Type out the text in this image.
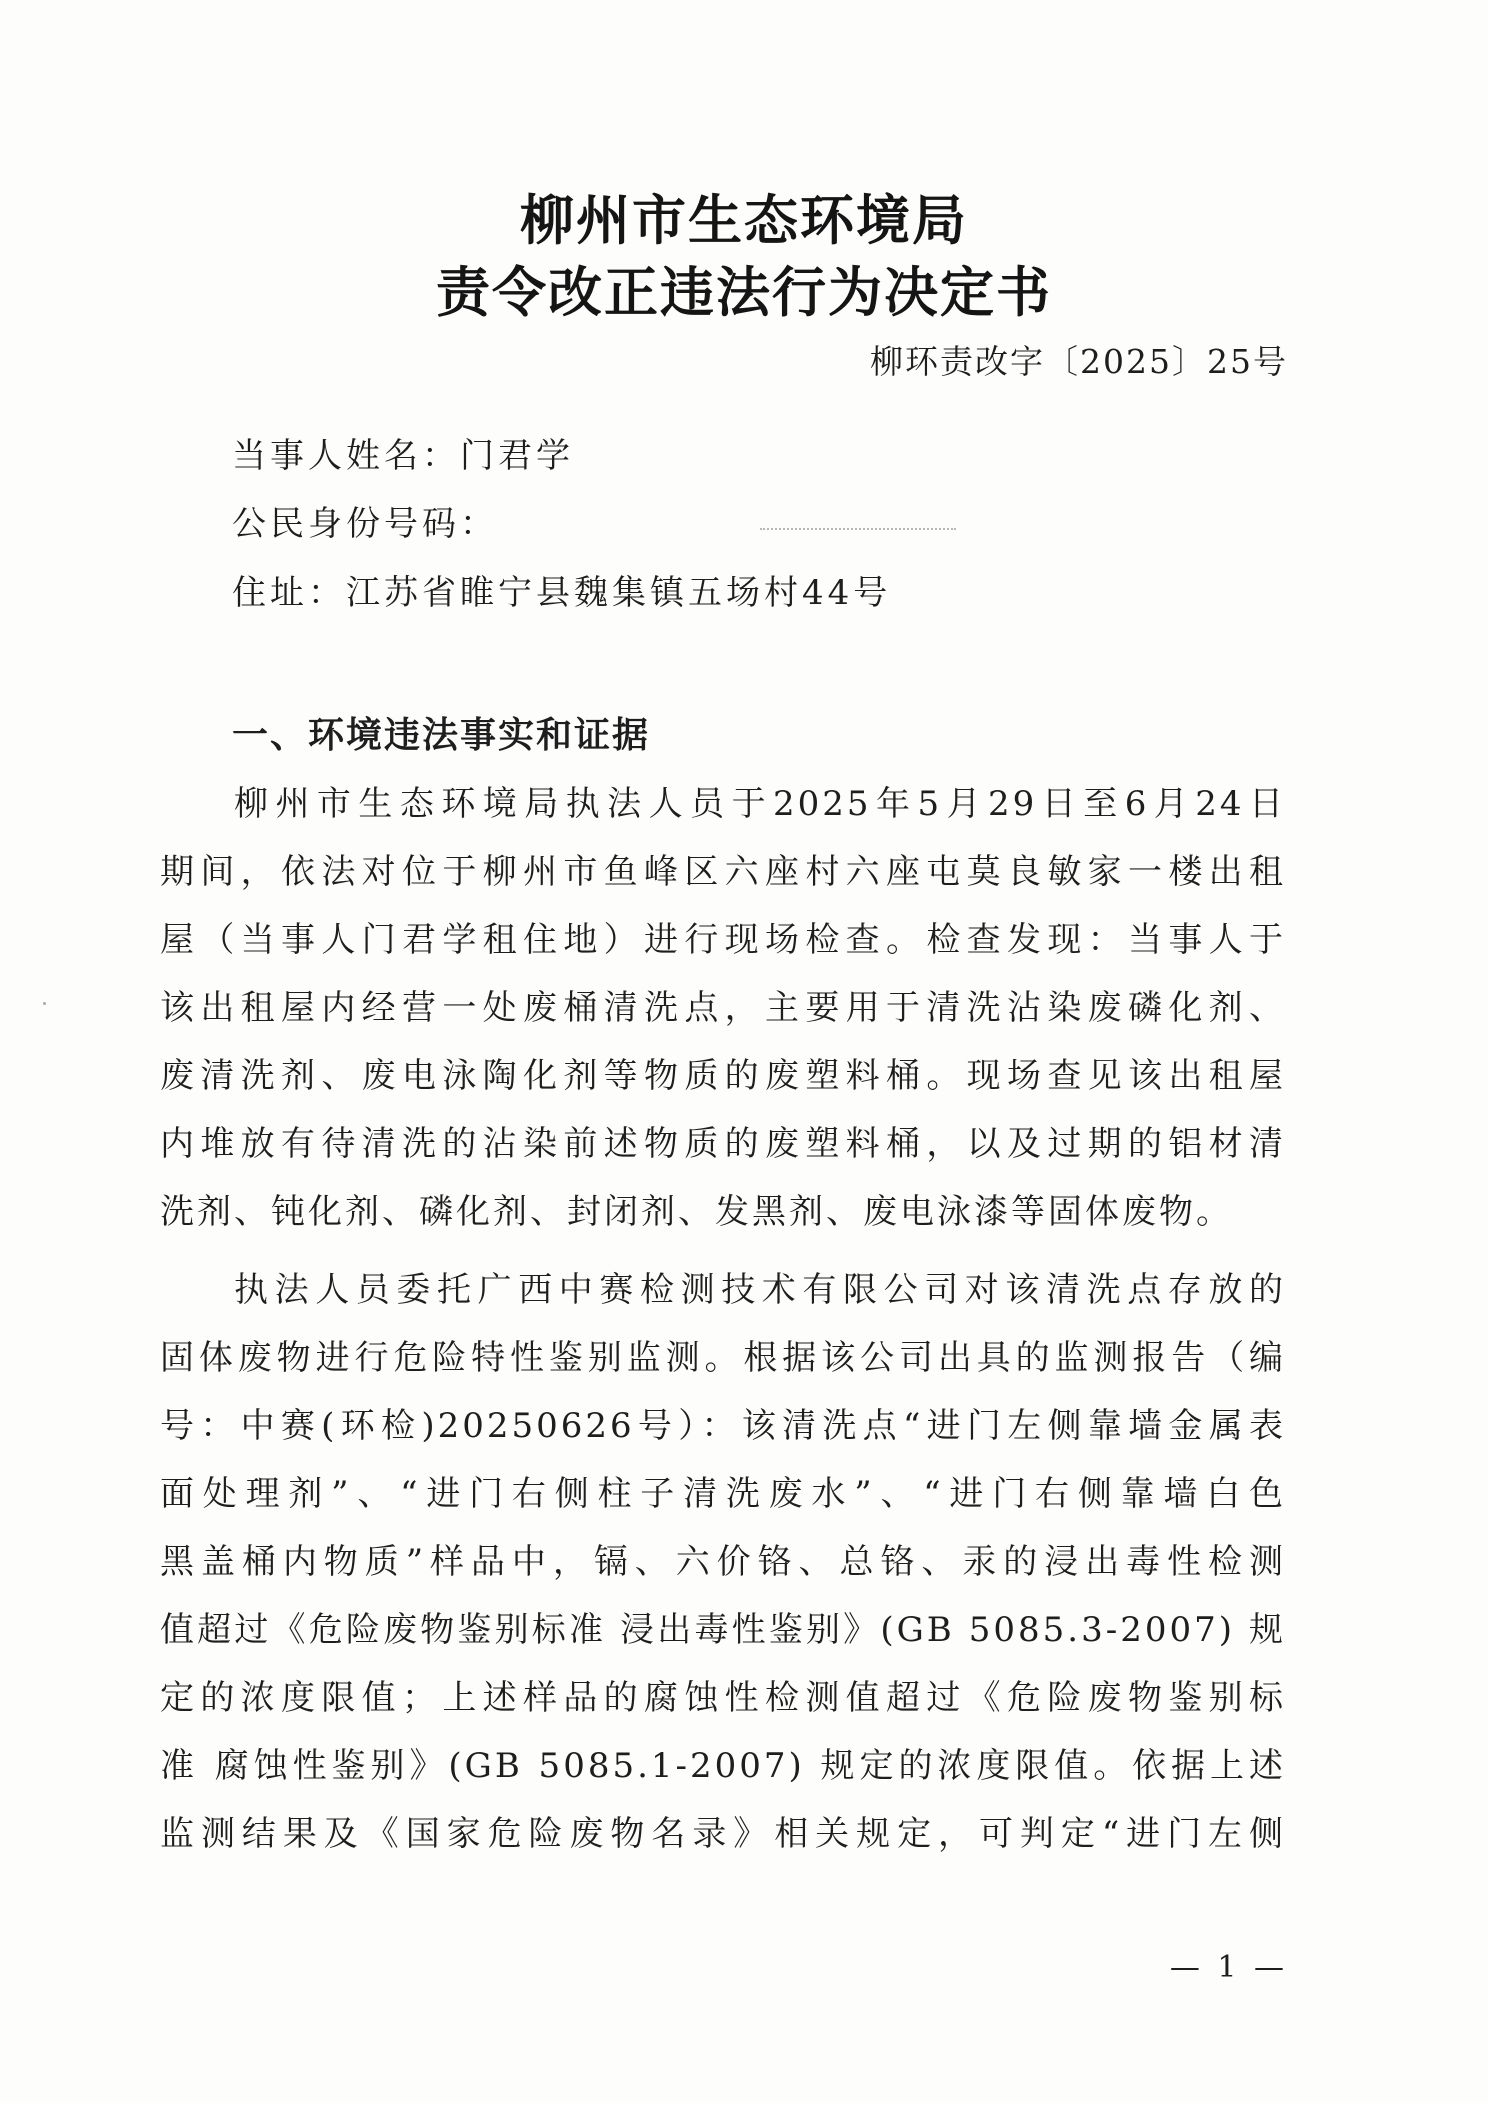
柳州市生态环境局
责令改正违法行为决定书
柳环责改字〔2025〕25号
当事人姓名：门君学
公民身份号码：
住址：江苏省睢宁县魏集镇五场村44号
一、环境违法事实和证据
柳州市生态环境局执法人员于2025年5月29日至6月24日
期间，依法对位于柳州市鱼峰区六座村六座屯莫良敏家一楼出租
屋（当事人门君学租住地）进行现场检查。检查发现：当事人于
该出租屋内经营一处废桶清洗点，主要用于清洗沾染废磷化剂、
废清洗剂、废电泳陶化剂等物质的废塑料桶。现场查见该出租屋
内堆放有待清洗的沾染前述物质的废塑料桶，以及过期的铝材清
洗剂、钝化剂、磷化剂、封闭剂、发黑剂、废电泳漆等固体废物。
执法人员委托广西中赛检测技术有限公司对该清洗点存放的
固体废物进行危险特性鉴别监测。根据该公司出具的监测报告（编
号：中赛(环检)20250626号）：该清洗点“进门左侧靠墙金属表
面处理剂”、“进门右侧柱子清洗废水”、“进门右侧靠墙白色
黑盖桶内物质”样品中，镉、六价铬、总铬、汞的浸出毒性检测
值超过《危险废物鉴别标准 浸出毒性鉴别》(GB 5085.3-2007) 规
定的浓度限值；上述样品的腐蚀性检测值超过《危险废物鉴别标
准 腐蚀性鉴别》(GB 5085.1-2007) 规定的浓度限值。依据上述
监测结果及《国家危险废物名录》相关规定，可判定“进门左侧
— 1 —
